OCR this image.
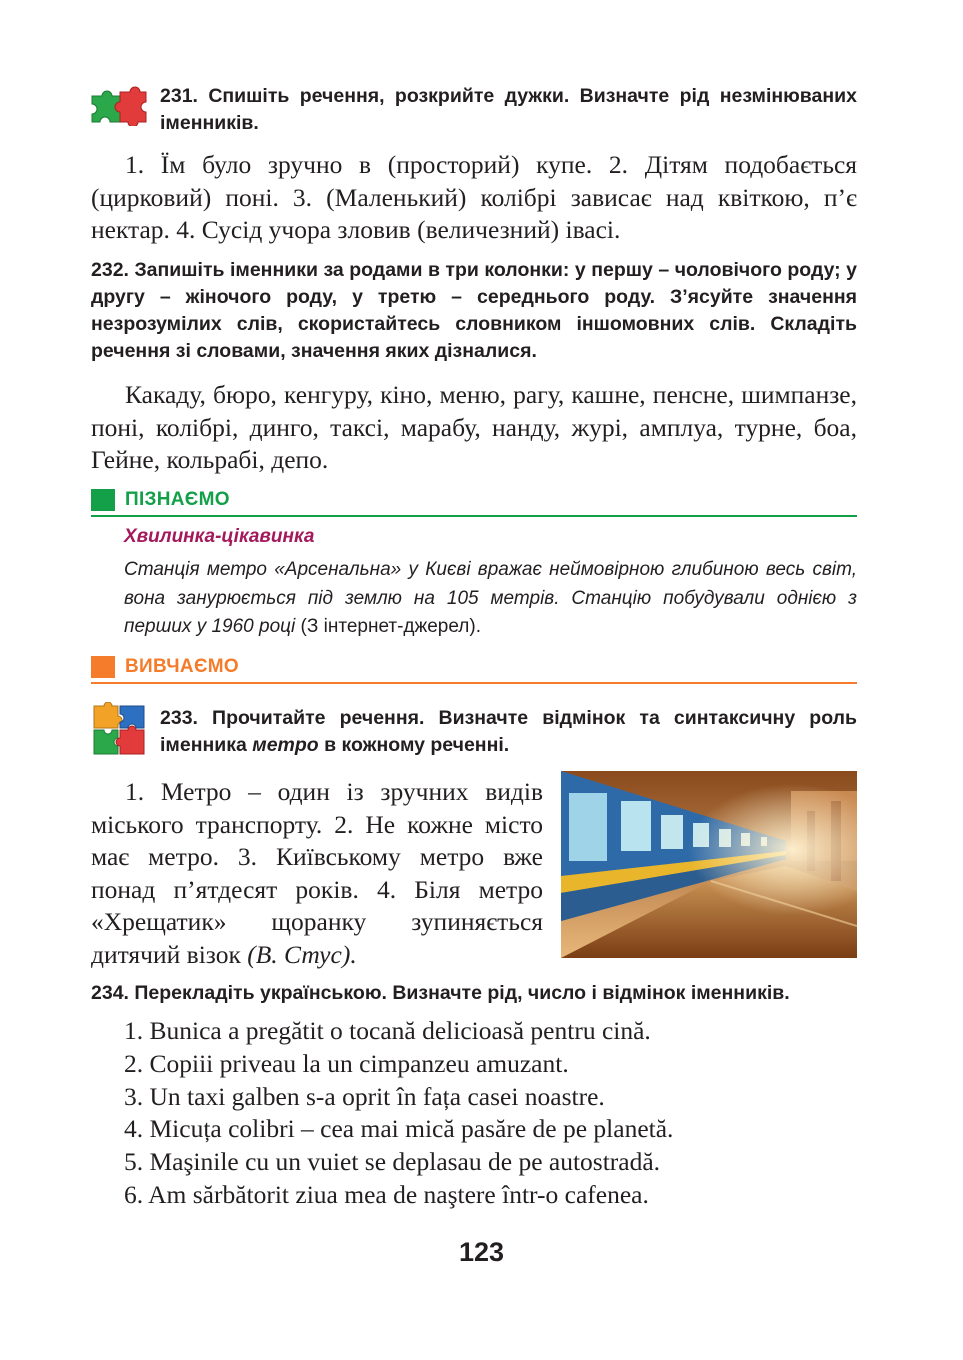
231. Спишіть речення, розкрийте дужки. Визначте рід незмінюваних іменників.

1. Їм було зручно в (просторий) купе. 2. Дітям подобається (цирковий) поні. 3. (Маленький) колібрі зависає над квіткою, п’є нектар. 4. Сусід учора зловив (величезний) івасі.

232. Запишіть іменники за родами в три колонки: у першу – чоловічого роду; у другу – жіночого роду, у третю – середнього роду. З’ясуйте значення незрозумілих слів, скористайтесь словником іншомовних слів. Складіть речення зі словами, значення яких дізналися.

Какаду, бюро, кенгуру, кіно, меню, рагу, кашне, пенсне, шимпанзе, поні, колібрі, динго, таксі, марабу, нанду, журі, амплуа, турне, боа, Гейне, кольрабі, депо.

ПІЗНАЄМО
Хвилинка-цікавинка

Станція метро «Арсенальна» у Києві вражає неймовірною глибиною весь світ, вона занурюється під землю на 105 метрів. Станцію побудували однією з перших у 1960 році (З інтернет-джерел).

ВИВЧАЄМО

233. Прочитайте речення. Визначте відмінок та синтаксичну роль іменника метро в кожному реченні.

1. Метро – один із зручних видів міського транспорту. 2. Не кожне місто має метро. 3. Київському метро вже понад п’ятдесят років. 4. Біля метро «Хрещатик» щоранку зупиняється дитячий візок (В. Стус).

234. Перекладіть українською. Визначте рід, число і відмінок іменників.

1. Bunica a pregătit o tocană delicioasă pentru cină.
2. Copiii priveau la un cimpanzeu amuzant.
3. Un taxi galben s-a oprit în fața casei noastre.
4. Micuța colibri – cea mai mică pasăre de pe planetă.
5. Maşinile cu un vuiet se deplasau de pe autostradă.
6. Am sărbătorit ziua mea de naştere într-o cafenea.
123
